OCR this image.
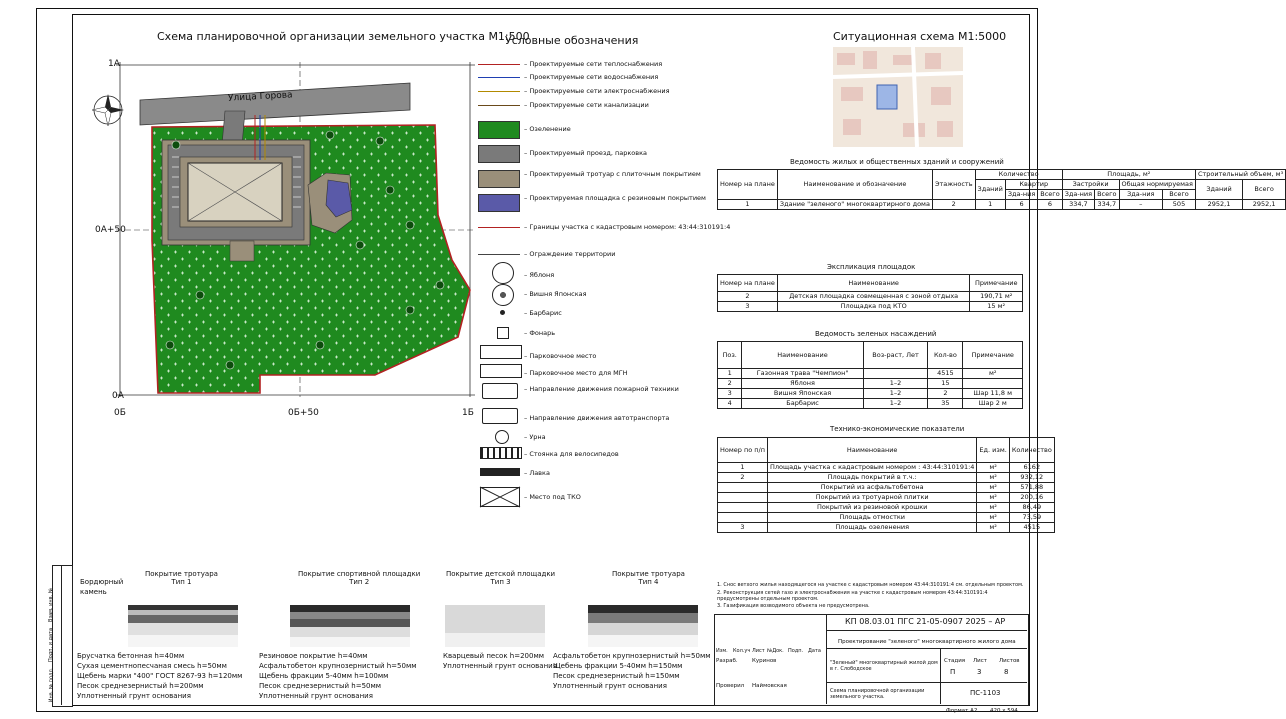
Инв. № подл.
Подп. и дата
Взам. инв. №
Схема планировочной организации земельного участка М1:500
Улица Горова
1А
0А+50
0А
0Б	0Б+50	1Б
Условные обозначения
– Проектируемые сети теплоснабжения
– Проектируемые сети водоснабжения
– Проектируемые сети электроснабжения
– Проектируемые сети канализации
– Озеленение
– Проектируемый проезд, парковка
– Проектируемый тротуар с плиточным покрытием
– Проектируемая площадка с резиновым покрытием
– Границы участка с кадастровым номером: 43:44:310191:4
– Ограждение территории
– Яблоня
– Вишня Японская
– Барбарис
– Фонарь
– Парковочное место
– Парковочное место для МГН
– Направление движения пожарной техники
– Направление движения автотранспорта
– Урна
– Стоянка для велосипедов
– Лавка
– Место под ТКО
Ситуационная схема М1:5000
Ведомость жилых и общественных зданий и сооружений
Номер на плане	Наименование и обозначение	Этажность	Количество			Площадь, м²				Строительный объем, м³	
			Зданий	Квартир		Застройки		Общая нормируемая		Зданий	Всего
				Зда-ния	Всего	Зда-ния	Всего	Зда-ния	Всего		
1	Здание "зеленого" многоквартирного дома	2	1	6	6	334,7	334,7	–	505	2952,1	2952,1
Экспликация площадок
Номер на плане	Наименование	Примечание
2	Детская площадка совмещенная с зоной отдыха	190,71 м²
3	Площадка под КТО	15 м²
Ведомость зеленых насаждений
Поз.	Наименование	Воз-раст, Лет	Кол-во	Примечание
1	Газонная трава "Чемпион"		4515	м²
2	Яблоня	1–2	15	
3	Вишня Японская	1–2	2	Шар 11,8 м
4	Барбарис	1–2	35	Шар 2 м
Технико-экономические показатели
Номер по п/п	Наименование	Ед. изм.	Количество
1	Площадь участка с кадастровым номером : 43:44:310191:4	м²	6162
2	Площадь покрытий в т.ч.:	м²	932,12
	Покрытий из асфальтобетона	м²	571,88
	Покрытий из тротуарной плитки	м²	200,16
	Покрытий из резиновой крошки	м²	86,49
	Площадь отмостки	м²	73,59
3	Площадь озеленения	м²	4515
1. Снос ветхого жилья находящегося на участке с кадастровым номером 43:44:310191:4 см. отдельным проектом.
2. Реконструкция сетей газо и электроснабжения на участке с кадастровым номером 43:44:310191:4 предусмотрены отдельным проектом.
3. Газификация возводимого объекта не предусмотрена.
Покрытие тротуара
Тип 1
Бордюрный камень
Брусчатка бетонная h=40мм
Сухая цементнопесчаная смесь h=50мм
Щебень марки "400" ГОСТ 8267-93 h=120мм
Песок среднезернистый h=200мм
Уплотненный грунт основания
Покрытие спортивной площадки
Тип 2
Резиновое покрытие h=40мм
Асфальтобетон крупнозернистый h=50мм
Щебень фракции 5-40мм h=100мм
Песок среднезернистый h=50мм
Уплотненный грунт основания
Покрытие детской площадки
Тип 3
Кварцевый песок h=200мм
Уплотненный грунт основания
Покрытие тротуара
Тип 4
Асфальтобетон крупнозернистый h=50мм
Щебень фракции 5-40мм h=150мм
Песок среднезернистый h=150мм
Уплотненный грунт основания
КП 08.03.01 ПГС 21-05-0907 2025 – АР
Проектирование "зеленого" многоквартирного жилого дома
"Зеленый" многоквартирный жилой дом в г. Слободское
Схема планировочной организации земельного участка.	ПС-1103
Стадия Лист Листов
П	3	8
Изм. Кол.уч Лист №Док. Подп. Дата
Разраб.	Куринов
Проверил Наймовская
Формат А2 420 x 594
